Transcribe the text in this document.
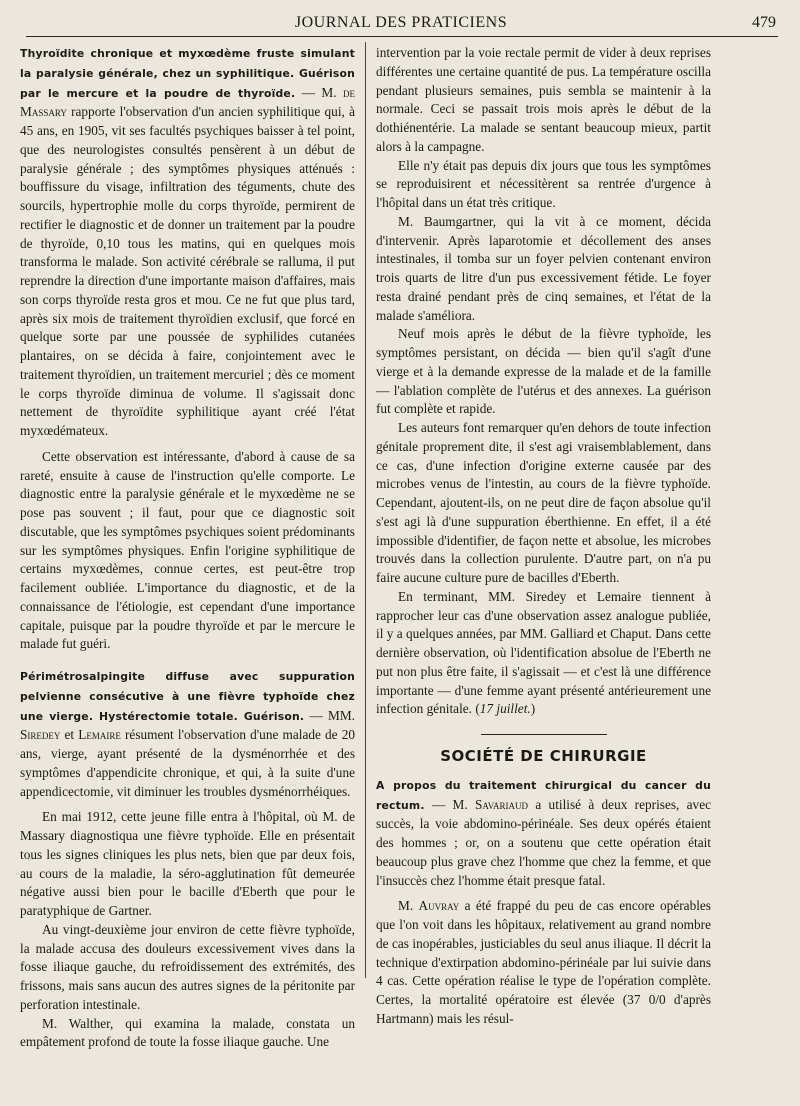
JOURNAL DES PRATICIENS	479

Thyroïdite chronique et myxœdème fruste simulant la paralysie générale, chez un syphilitique. Guérison par le mercure et la poudre de thyroïde. — M. de Massary rapporte l'observation d'un ancien syphilitique qui, à 45 ans, en 1905, vit ses facultés psychiques baisser à tel point, que des neurologistes consultés pensèrent à un début de paralysie générale ; des symptômes physiques atténués : bouffissure du visage, infiltration des téguments, chute des sourcils, hypertrophie molle du corps thyroïde, permirent de rectifier le diagnostic et de donner un traitement par la poudre de thyroïde, 0,10 tous les matins, qui en quelques mois transforma le malade. Son activité cérébrale se ralluma, il put reprendre la direction d'une importante maison d'affaires, mais son corps thyroïde resta gros et mou. Ce ne fut que plus tard, après six mois de traitement thyroïdien exclusif, que forcé en quelque sorte par une poussée de syphilides cutanées plantaires, on se décida à faire, conjointement avec le traitement thyroïdien, un traitement mercuriel ; dès ce moment le corps thyroïde diminua de volume. Il s'agissait donc nettement de thyroïdite syphilitique ayant créé l'état myxœdémateux.

Cette observation est intéressante, d'abord à cause de sa rareté, ensuite à cause de l'instruction qu'elle comporte. Le diagnostic entre la paralysie générale et le myxœdème ne se pose pas souvent ; il faut, pour que ce diagnostic soit discutable, que les symptômes psychiques soient prédominants sur les symptômes physiques. Enfin l'origine syphilitique de certains myxœdèmes, connue certes, est peut-être trop facilement oubliée. L'importance du diagnostic, et de la connaissance de l'étiologie, est cependant d'une importance capitale, puisque par la poudre thyroïde et par le mercure le malade fut guéri.

Périmétrosalpingite diffuse avec suppuration pelvienne consécutive à une fièvre typhoïde chez une vierge. Hystérectomie totale. Guérison. — MM. Siredey et Lemaire résument l'observation d'une malade de 20 ans, vierge, ayant présenté de la dysménorrhée et des symptômes d'appendicite chronique, et qui, à la suite d'une appendicectomie, vit diminuer les troubles dysménorrhéiques.

En mai 1912, cette jeune fille entra à l'hôpital, où M. de Massary diagnostiqua une fièvre typhoïde. Elle en présentait tous les signes cliniques les plus nets, bien que par deux fois, au cours de la maladie, la séro-agglutination fût demeurée négative aussi bien pour le bacille d'Eberth que pour le paratyphique de Gartner.

Au vingt-deuxième jour environ de cette fièvre typhoïde, la malade accusa des douleurs excessivement vives dans la fosse iliaque gauche, du refroidissement des extrémités, des frissons, mais sans aucun des autres signes de la péritonite par perforation intestinale.

M. Walther, qui examina la malade, constata un empâtement profond de toute la fosse iliaque gauche. Une

intervention par la voie rectale permit de vider à deux reprises différentes une certaine quantité de pus. La température oscilla pendant plusieurs semaines, puis sembla se maintenir à la normale. Ceci se passait trois mois après le début de la dothiénentérie. La malade se sentant beaucoup mieux, partit alors à la campagne.

Elle n'y était pas depuis dix jours que tous les symptômes se reproduisirent et nécessitèrent sa rentrée d'urgence à l'hôpital dans un état très critique.

M. Baumgartner, qui la vit à ce moment, décida d'intervenir. Après laparotomie et décollement des anses intestinales, il tomba sur un foyer pelvien contenant environ trois quarts de litre d'un pus excessivement fétide. Le foyer resta drainé pendant près de cinq semaines, et l'état de la malade s'améliora.

Neuf mois après le début de la fièvre typhoïde, les symptômes persistant, on décida — bien qu'il s'agît d'une vierge et à la demande expresse de la malade et de la famille — l'ablation complète de l'utérus et des annexes. La guérison fut complète et rapide.

Les auteurs font remarquer qu'en dehors de toute infection génitale proprement dite, il s'est agi vraisemblablement, dans ce cas, d'une infection d'origine externe causée par des microbes venus de l'intestin, au cours de la fièvre typhoïde. Cependant, ajoutent-ils, on ne peut dire de façon absolue qu'il s'est agi là d'une suppuration éberthienne. En effet, il a été impossible d'identifier, de façon nette et absolue, les microbes trouvés dans la collection purulente. D'autre part, on n'a pu faire aucune culture pure de bacilles d'Eberth.

En terminant, MM. Siredey et Lemaire tiennent à rapprocher leur cas d'une observation assez analogue publiée, il y a quelques années, par MM. Galliard et Chaput. Dans cette dernière observation, où l'identification absolue de l'Eberth ne put non plus être faite, il s'agissait — et c'est là une différence importante — d'une femme ayant présenté antérieurement une infection génitale. (17 juillet.)

SOCIÉTÉ DE CHIRURGIE

A propos du traitement chirurgical du cancer du rectum. — M. Savariaud a utilisé à deux reprises, avec succès, la voie abdomino-périnéale. Ses deux opérés étaient des hommes ; or, on a soutenu que cette opération était beaucoup plus grave chez l'homme que chez la femme, et que l'insuccès chez l'homme était presque fatal.

M. Auvray a été frappé du peu de cas encore opérables que l'on voit dans les hôpitaux, relativement au grand nombre de cas inopérables, justiciables du seul anus iliaque. Il décrit la technique d'extirpation abdomino-périnéale par lui suivie dans 4 cas. Cette opération réalise le type de l'opération complète. Certes, la mortalité opératoire est élevée (37 0/0 d'après Hartmann) mais les résul-
